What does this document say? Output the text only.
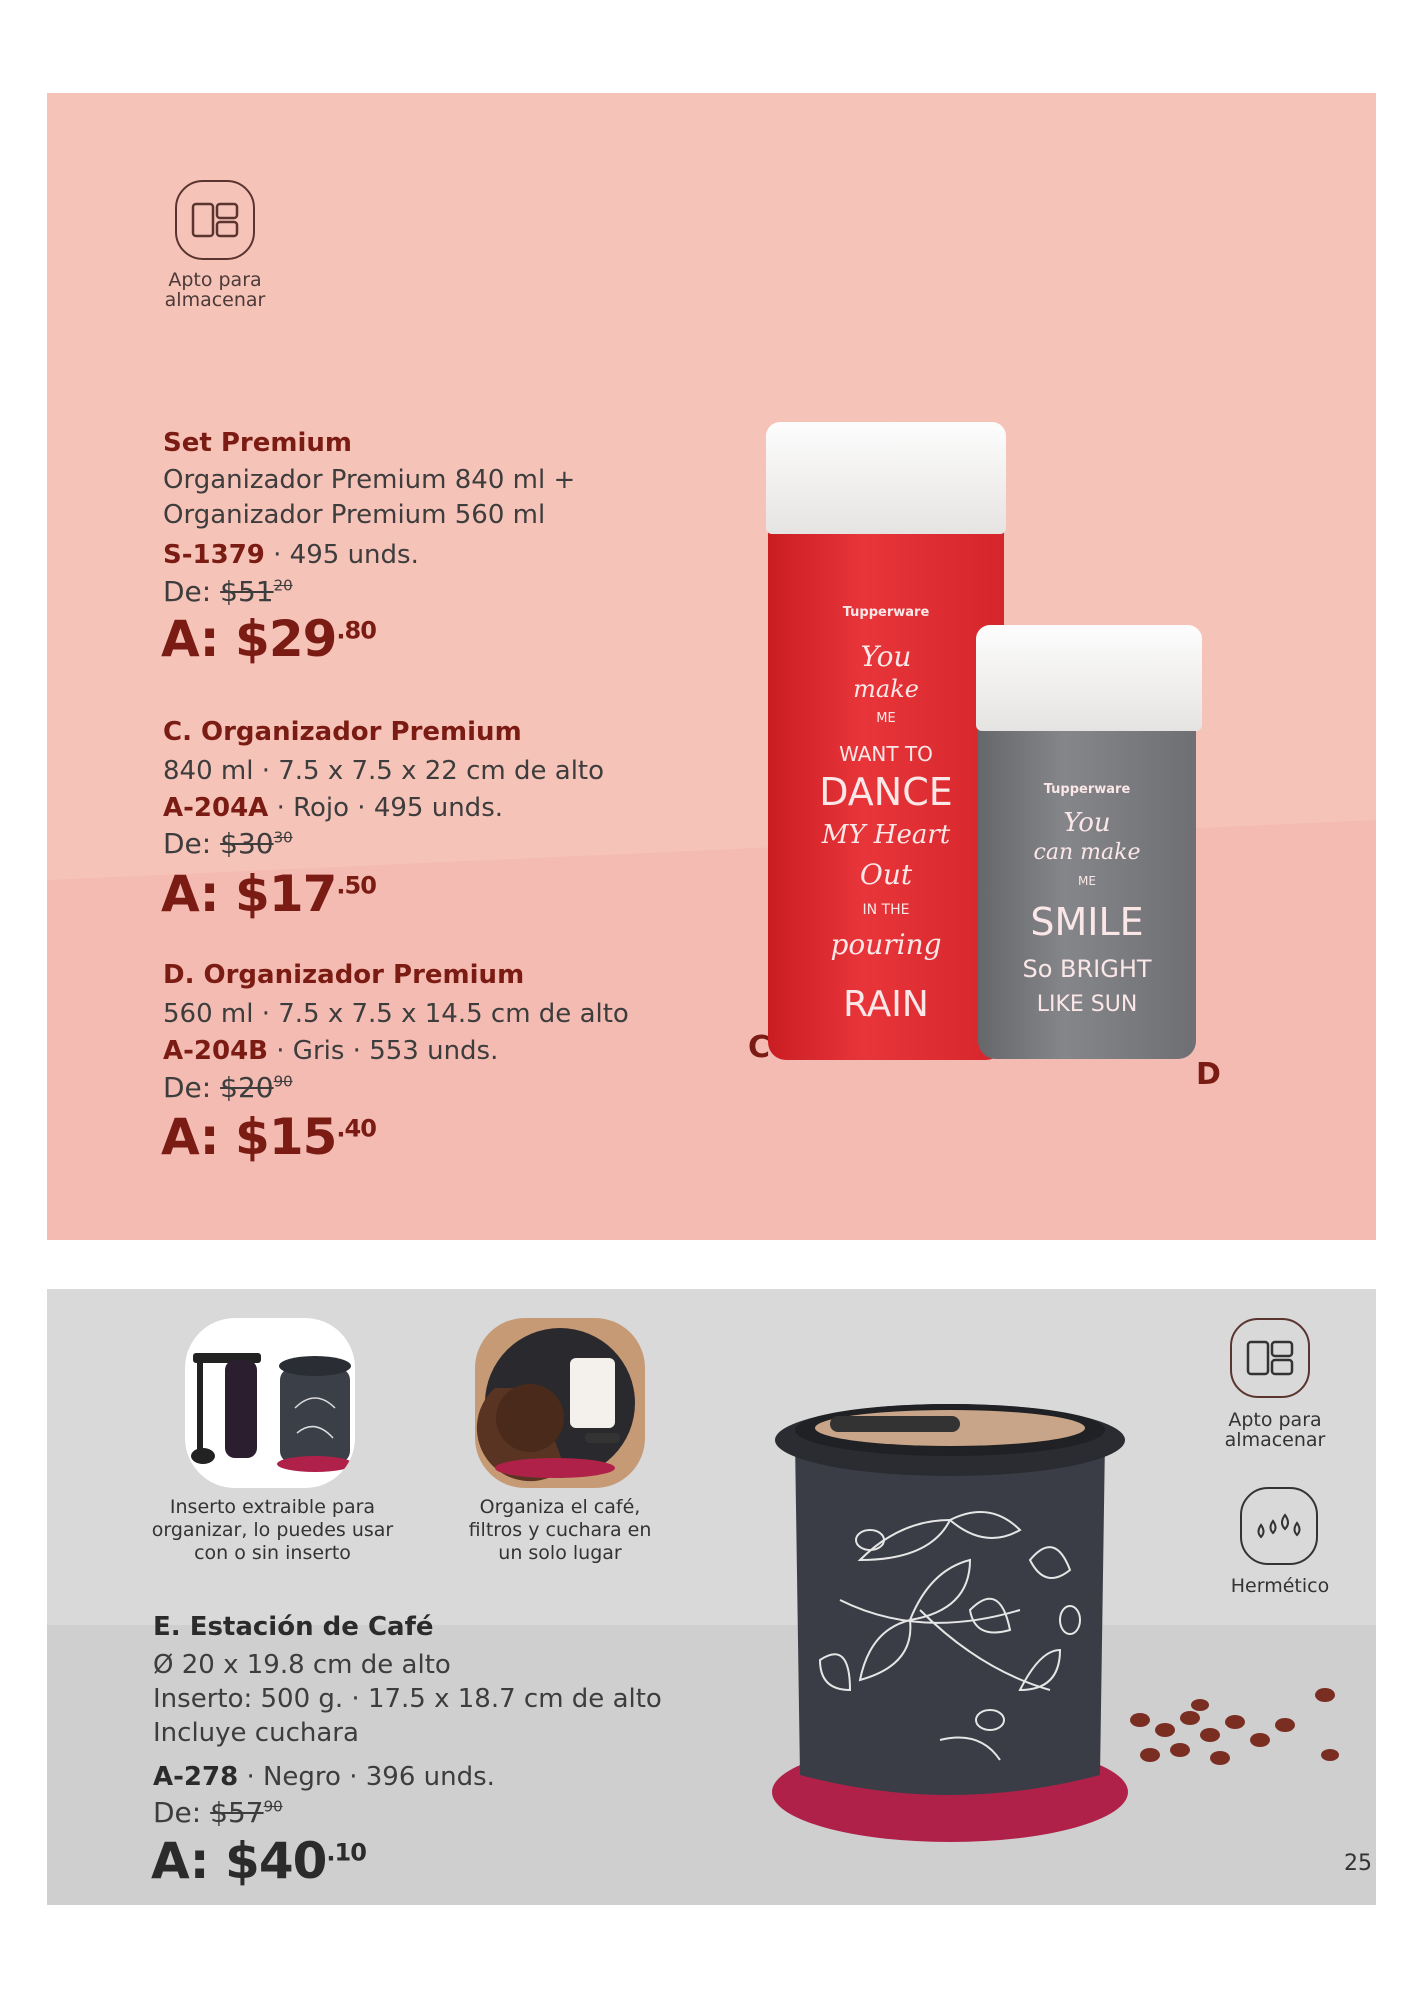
Apto para
almacenar
Set Premium
Organizador Premium 840 ml +
Organizador Premium 560 ml
S-1379 · 495 unds.
De: $\$51^{20}$
A: $\$29^{.80}$
C. Organizador Premium
840 ml · 7.5 x 7.5 x 22 cm de alto
A-204A · Rojo · 495 unds.
De: $\$30^{30}$
A: $\$17^{.50}$
D. Organizador Premium
560 ml · 7.5 x 7.5 x 14.5 cm de alto
A-204B · Gris · 553 unds.
De: $\$20^{90}$
A: $\$15^{.40}$
Tupperware
You
make
ME
WANT TO
DANCE
MY Heart
Out
IN THE
pouring
RAIN
Tupperware
You
can make
ME
SMILE
So BRIGHT
LIKE SUN
C
D
Inserto extraible para
organizar, lo puedes usar
con o sin inserto
Organiza el café,
filtros y cuchara en
un solo lugar
Apto para
almacenar
Hermético
E. Estación de Café
Ø 20 x 19.8 cm de alto
Inserto: 500 g. · 17.5 x 18.7 cm de alto
Incluye cuchara
A-278 · Negro · 396 unds.
De: $\$57^{90}$
A: $\$40^{.10}$	25
